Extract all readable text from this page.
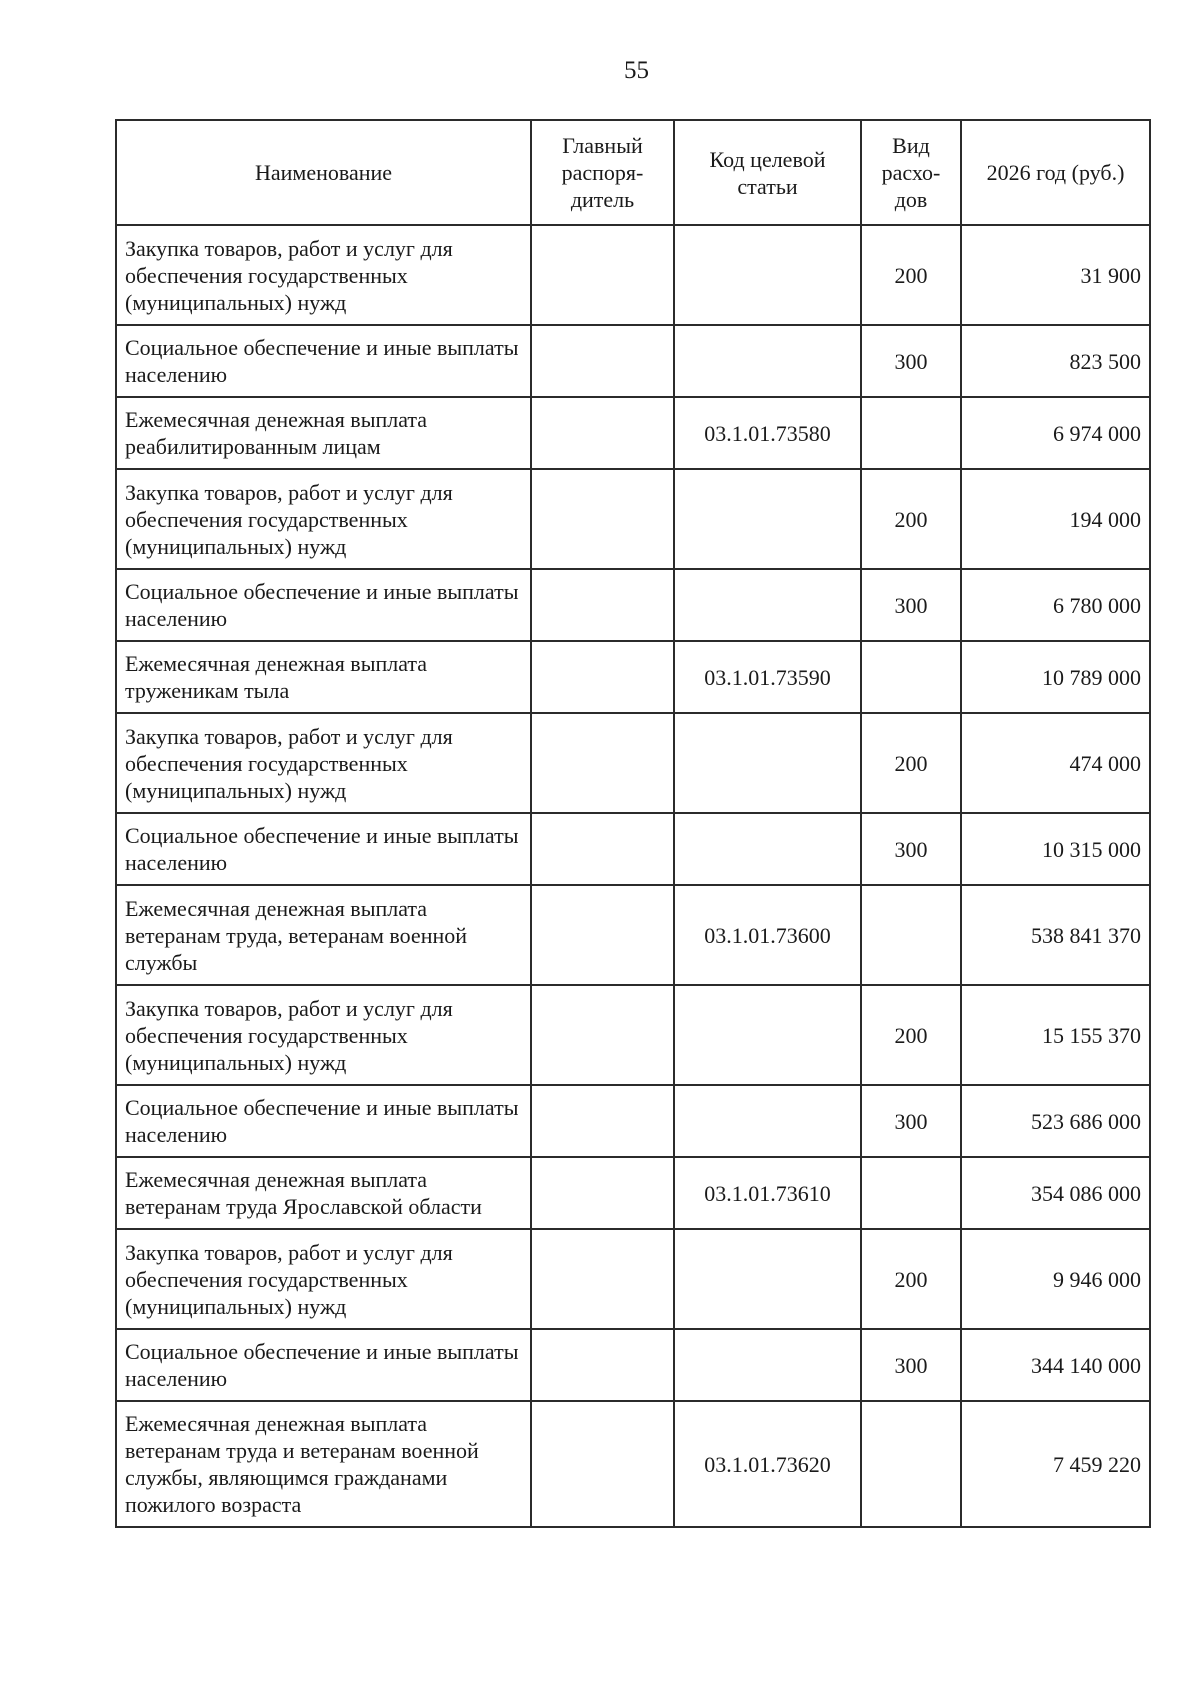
55
Наименование	Главный распоря-дитель	Код целевой статьи	Вид расхо-дов	2026 год (руб.)
Закупка товаров, работ и услуг для обеспечения государственных (муниципальных) нужд			200	31 900
Социальное обеспечение и иные выплаты населению			300	823 500
Ежемесячная денежная выплата реабилитированным лицам		03.1.01.73580		6 974 000
Закупка товаров, работ и услуг для обеспечения государственных (муниципальных) нужд			200	194 000
Социальное обеспечение и иные выплаты населению			300	6 780 000
Ежемесячная денежная выплата труженикам тыла		03.1.01.73590		10 789 000
Закупка товаров, работ и услуг для обеспечения государственных (муниципальных) нужд			200	474 000
Социальное обеспечение и иные выплаты населению			300	10 315 000
Ежемесячная денежная выплата ветеранам труда, ветеранам военной службы		03.1.01.73600		538 841 370
Закупка товаров, работ и услуг для обеспечения государственных (муниципальных) нужд			200	15 155 370
Социальное обеспечение и иные выплаты населению			300	523 686 000
Ежемесячная денежная выплата ветеранам труда Ярославской области		03.1.01.73610		354 086 000
Закупка товаров, работ и услуг для обеспечения государственных (муниципальных) нужд			200	9 946 000
Социальное обеспечение и иные выплаты населению			300	344 140 000
Ежемесячная денежная выплата ветеранам труда и ветеранам военной службы, являющимся гражданами пожилого возраста		03.1.01.73620		7 459 220
